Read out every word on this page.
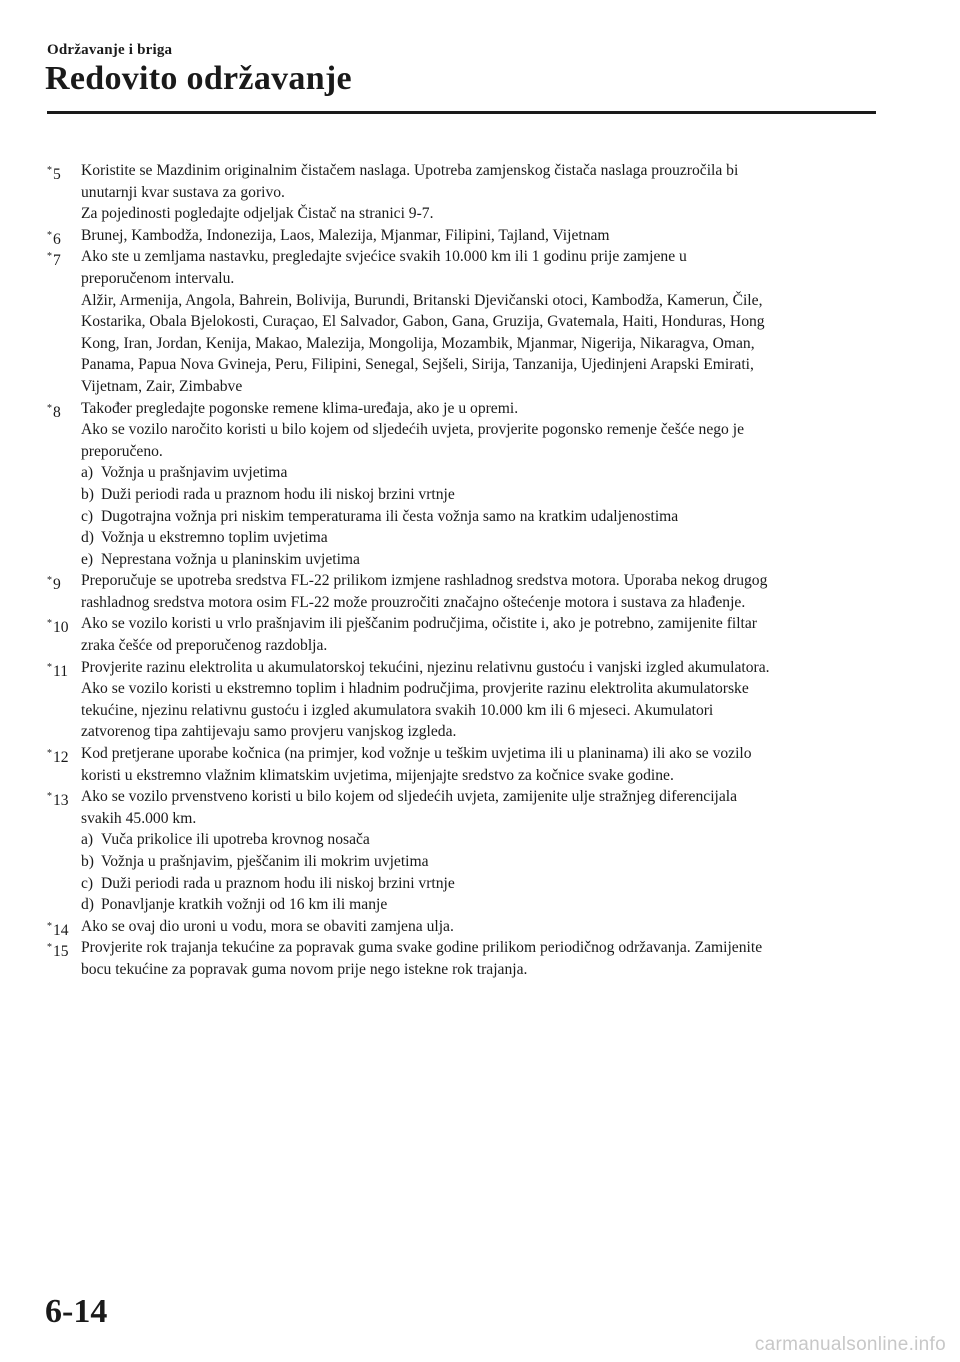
Održavanje i briga
Redovito održavanje
*5 Koristite se Mazdinim originalnim čistačem naslaga. Upotreba zamjenskog čistača naslaga prouzročila bi
unutarnji kvar sustava za gorivo.
Za pojedinosti pogledajte odjeljak Čistač na stranici 9-7.
*6 Brunej, Kambodža, Indonezija, Laos, Malezija, Mjanmar, Filipini, Tajland, Vijetnam
*7 Ako ste u zemljama nastavku, pregledajte svjećice svakih 10.000 km ili 1 godinu prije zamjene u
preporučenom intervalu.
Alžir, Armenija, Angola, Bahrein, Bolivija, Burundi, Britanski Djevičanski otoci, Kambodža, Kamerun, Čile,
Kostarika, Obala Bjelokosti, Curaçao, El Salvador, Gabon, Gana, Gruzija, Gvatemala, Haiti, Honduras, Hong
Kong, Iran, Jordan, Kenija, Makao, Malezija, Mongolija, Mozambik, Mjanmar, Nigerija, Nikaragva, Oman,
Panama, Papua Nova Gvineja, Peru, Filipini, Senegal, Sejšeli, Sirija, Tanzanija, Ujedinjeni Arapski Emirati,
Vijetnam, Zair, Zimbabve
*8 Također pregledajte pogonske remene klima-uređaja, ako je u opremi.
Ako se vozilo naročito koristi u bilo kojem od sljedećih uvjeta, provjerite pogonsko remenje češće nego je
preporučeno.
a) Vožnja u prašnjavim uvjetima
b) Duži periodi rada u praznom hodu ili niskoj brzini vrtnje
c) Dugotrajna vožnja pri niskim temperaturama ili česta vožnja samo na kratkim udaljenostima
d) Vožnja u ekstremno toplim uvjetima
e) Neprestana vožnja u planinskim uvjetima
*9 Preporučuje se upotreba sredstva FL-22 prilikom izmjene rashladnog sredstva motora. Uporaba nekog drugog
rashladnog sredstva motora osim FL-22 može prouzročiti značajno oštećenje motora i sustava za hlađenje.
*10 Ako se vozilo koristi u vrlo prašnjavim ili pješčanim područjima, očistite i, ako je potrebno, zamijenite filtar
zraka češće od preporučenog razdoblja.
*11 Provjerite razinu elektrolita u akumulatorskoj tekućini, njezinu relativnu gustoću i vanjski izgled akumulatora.
Ako se vozilo koristi u ekstremno toplim i hladnim područjima, provjerite razinu elektrolita akumulatorske
tekućine, njezinu relativnu gustoću i izgled akumulatora svakih 10.000 km ili 6 mjeseci. Akumulatori
zatvorenog tipa zahtijevaju samo provjeru vanjskog izgleda.
*12 Kod pretjerane uporabe kočnica (na primjer, kod vožnje u teškim uvjetima ili u planinama) ili ako se vozilo
koristi u ekstremno vlažnim klimatskim uvjetima, mijenjajte sredstvo za kočnice svake godine.
*13 Ako se vozilo prvenstveno koristi u bilo kojem od sljedećih uvjeta, zamijenite ulje stražnjeg diferencijala
svakih 45.000 km.
a) Vuča prikolice ili upotreba krovnog nosača
b) Vožnja u prašnjavim, pješčanim ili mokrim uvjetima
c) Duži periodi rada u praznom hodu ili niskoj brzini vrtnje
d) Ponavljanje kratkih vožnji od 16 km ili manje
*14 Ako se ovaj dio uroni u vodu, mora se obaviti zamjena ulja.
*15 Provjerite rok trajanja tekućine za popravak guma svake godine prilikom periodičnog održavanja. Zamijenite
bocu tekućine za popravak guma novom prije nego istekne rok trajanja.
6-14
carmanualsonline.info
